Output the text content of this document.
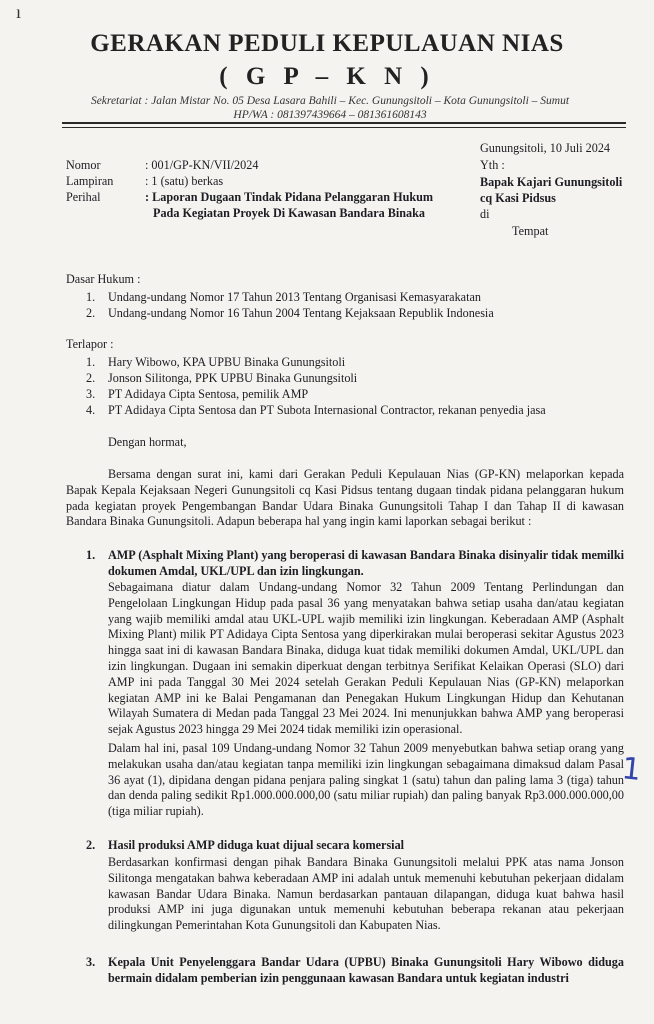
ı
GERAKAN PEDULI KEPULAUAN NIAS
( G P – K N )
Sekretariat : Jalan Mistar No. 05 Desa Lasara Bahili – Kec. Gunungsitoli – Kota Gunungsitoli – Sumut
HP/WA : 081397439664 – 081361608143
Gunungsitoli, 10 Juli 2024
Yth :
Bapak Kajari Gunungsitoli
cq Kasi Pidsus
di
Tempat
Nomor	: 001/GP-KN/VII/2024
Lampiran	: 1 (satu) berkas
Perihal	: Laporan Dugaan Tindak Pidana Pelanggaran Hukum
Pada Kegiatan Proyek Di Kawasan Bandara Binaka
Dasar Hukum :
1. Undang-undang Nomor 17 Tahun 2013 Tentang Organisasi Kemasyarakatan
2. Undang-undang Nomor 16 Tahun 2004 Tentang Kejaksaan Republik Indonesia
Terlapor :
1. Hary Wibowo, KPA UPBU Binaka Gunungsitoli
2. Jonson Silitonga, PPK UPBU Binaka Gunungsitoli
3. PT Adidaya Cipta Sentosa, pemilik AMP
4. PT Adidaya Cipta Sentosa dan PT Subota Internasional Contractor, rekanan penyedia jasa
Dengan hormat,
Bersama dengan surat ini, kami dari Gerakan Peduli Kepulauan Nias (GP-KN) melaporkan kepada Bapak Kepala Kejaksaan Negeri Gunungsitoli cq Kasi Pidsus tentang dugaan tindak pidana pelanggaran hukum pada kegiatan proyek Pengembangan Bandar Udara Binaka Gunungsitoli Tahap I dan Tahap II di kawasan Bandara Binaka Gunungsitoli. Adapun beberapa hal yang ingin kami laporkan sebagai berikut :
1. AMP (Asphalt Mixing Plant) yang beroperasi di kawasan Bandara Binaka disinyalir tidak memilki dokumen Amdal, UKL/UPL dan izin lingkungan.
Sebagaimana diatur dalam Undang-undang Nomor 32 Tahun 2009 Tentang Perlindungan dan Pengelolaan Lingkungan Hidup pada pasal 36 yang menyatakan bahwa setiap usaha dan/atau kegiatan yang wajib memiliki amdal atau UKL-UPL wajib memiliki izin lingkungan. Keberadaan AMP (Asphalt Mixing Plant) milik PT Adidaya Cipta Sentosa yang diperkirakan mulai beroperasi sekitar Agustus 2023 hingga saat ini di kawasan Bandara Binaka, diduga kuat tidak memiliki dokumen Amdal, UKL/UPL dan izin lingkungan. Dugaan ini semakin diperkuat dengan terbitnya Serifikat Kelaikan Operasi (SLO) dari AMP ini pada Tanggal 30 Mei 2024 setelah Gerakan Peduli Kepulauan Nias (GP-KN) melaporkan kegiatan AMP ini ke Balai Pengamanan dan Penegakan Hukum Lingkungan Hidup dan Kehutanan Wilayah Sumatera di Medan pada Tanggal 23 Mei 2024. Ini menunjukkan bahwa AMP yang beroperasi sejak Agustus 2023 hingga 29 Mei 2024 tidak memiliki izin operasional.
Dalam hal ini, pasal 109 Undang-undang Nomor 32 Tahun 2009 menyebutkan bahwa setiap orang yang melakukan usaha dan/atau kegiatan tanpa memiliki izin lingkungan sebagaimana dimaksud dalam Pasal 36 ayat (1), dipidana dengan pidana penjara paling singkat 1 (satu) tahun dan paling lama 3 (tiga) tahun dan denda paling sedikit Rp1.000.000.000,00 (satu miliar rupiah) dan paling banyak Rp3.000.000.000,00 (tiga miliar rupiah).
2. Hasil produksi AMP diduga kuat dijual secara komersial
Berdasarkan konfirmasi dengan pihak Bandara Binaka Gunungsitoli melalui PPK atas nama Jonson Silitonga mengatakan bahwa keberadaan AMP ini adalah untuk memenuhi kebutuhan pekerjaan didalam kawasan Bandar Udara Binaka. Namun berdasarkan pantauan dilapangan, diduga kuat bahwa hasil produksi AMP ini juga digunakan untuk memenuhi kebutuhan beberapa rekanan atau pekerjaan dilingkungan Pemerintahan Kota Gunungsitoli dan Kabupaten Nias.
3. Kepala Unit Penyelenggara Bandar Udara (UPBU) Binaka Gunungsitoli Hary Wibowo diduga bermain didalam pemberian izin penggunaan kawasan Bandara untuk kegiatan industri
1
